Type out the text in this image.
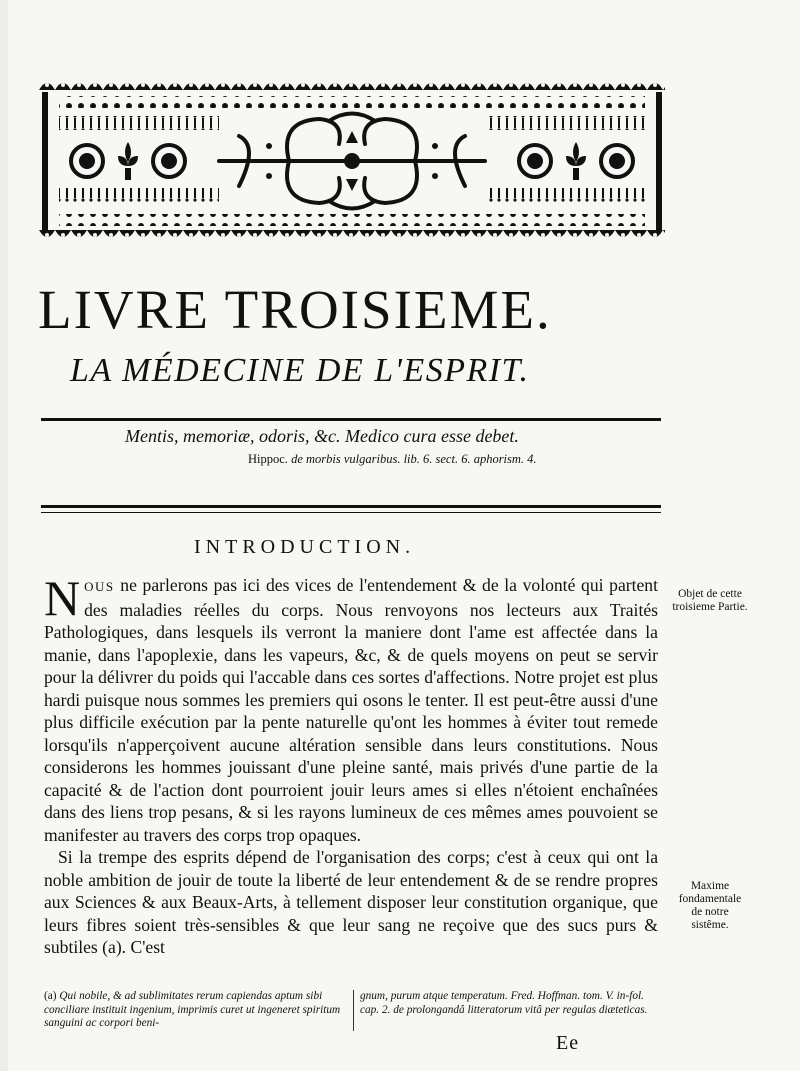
LIVRE TROISIEME.
LA MÉDECINE DE L'ESPRIT.
Mentis, memoriæ, odoris, &c. Medico cura esse debet.
Hippoc. de morbis vulgaribus. lib. 6. sect. 6. aphorism. 4.
INTRODUCTION.

NOUS ne parlerons pas ici des vices de l'entendement & de la volonté qui partent des maladies réelles du corps. Nous renvoyons nos lecteurs aux Traités Pathologiques, dans lesquels ils verront la maniere dont l'ame est affectée dans la manie, dans l'apoplexie, dans les vapeurs, &c, & de quels moyens on peut se servir pour la délivrer du poids qui l'accable dans ces sortes d'affections. Notre projet est plus hardi puisque nous sommes les premiers qui osons le tenter. Il est peut-être aussi d'une plus difficile exécution par la pente naturelle qu'ont les hommes à éviter tout remede lorsqu'ils n'apperçoivent aucune altération sensible dans leurs constitutions. Nous considerons les hommes jouissant d'une pleine santé, mais privés d'une partie de la capacité & de l'action dont pourroient jouir leurs ames si elles n'étoient enchaînées dans des liens trop pesans, & si les rayons lumineux de ces mêmes ames pouvoient se manifester au travers des corps trop opaques.

Si la trempe des esprits dépend de l'organisation des corps; c'est à ceux qui ont la noble ambition de jouir de toute la liberté de leur entendement & de se rendre propres aux Sciences & aux Beaux-Arts, à tellement disposer leur constitution organique, que leurs fibres soient très-sensibles & que leur sang ne reçoive que des sucs purs & subtiles (a). C'est

Objet de cette troisieme Partie.
Maxime fondamentale de notre sistême.
(a) Qui nobile, & ad sublimitates rerum capiendas aptum sibi conciliare instituit ingenium, imprimis curet ut ingeneret spiritum sanguini ac corpori beni-
gnum, purum atque temperatum. Fred. Hoffman. tom. V. in-fol. cap. 2. de prolongandâ litteratorum vitâ per regulas diæteticas.
Ee
